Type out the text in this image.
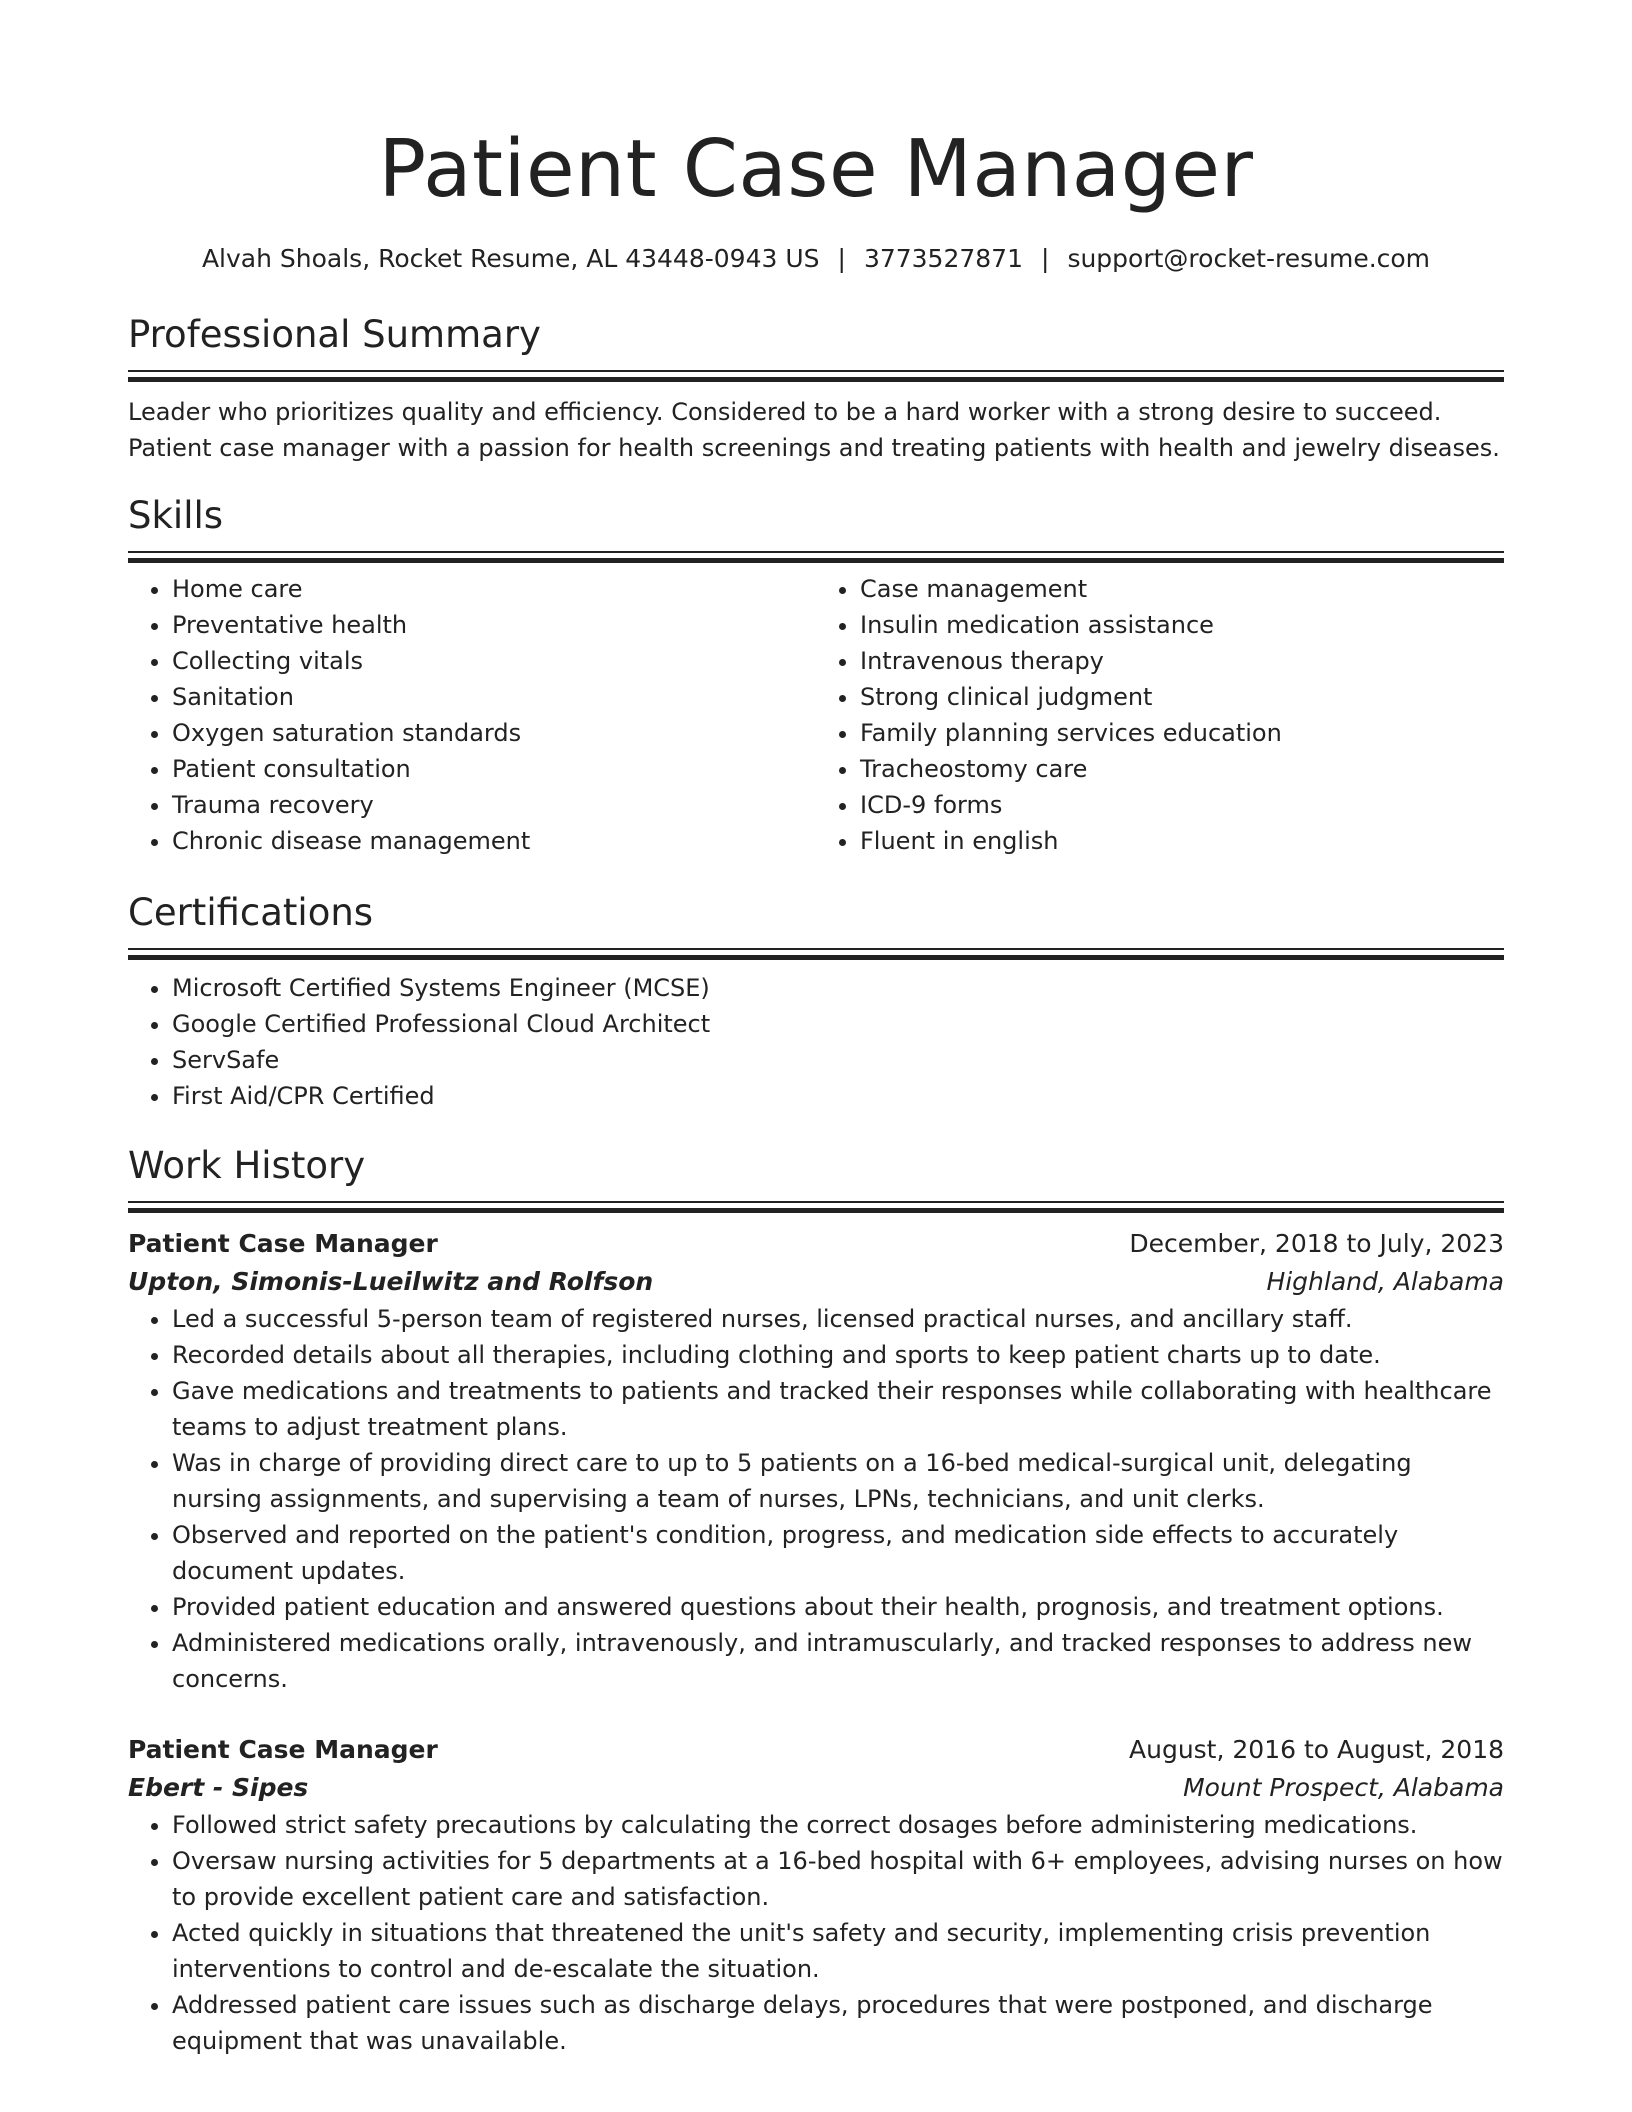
Patient Case Manager
Alvah Shoals, Rocket Resume, AL 43448-0943 US | 3773527871 | support@rocket-resume.com
Professional Summary

Leader who prioritizes quality and efficiency. Considered to be a hard worker with a strong desire to succeed. Patient case manager with a passion for health screenings and treating patients with health and jewelry diseases.

Skills
• Home care
• Preventative health
• Collecting vitals
• Sanitation
• Oxygen saturation standards
• Patient consultation
• Trauma recovery
• Chronic disease management
• Case management
• Insulin medication assistance
• Intravenous therapy
• Strong clinical judgment
• Family planning services education
• Tracheostomy care
• ICD-9 forms
• Fluent in english
Certifications
• Microsoft Certified Systems Engineer (MCSE)
• Google Certified Professional Cloud Architect
• ServSafe
• First Aid/CPR Certified
Work History
Patient Case Manager	December, 2018 to July, 2023
Upton, Simonis-Lueilwitz and Rolfson	Highland, Alabama
• Led a successful 5-person team of registered nurses, licensed practical nurses, and ancillary staff.
• Recorded details about all therapies, including clothing and sports to keep patient charts up to date.
• Gave medications and treatments to patients and tracked their responses while collaborating with healthcare teams to adjust treatment plans.
• Was in charge of providing direct care to up to 5 patients on a 16-bed medical-surgical unit, delegating nursing assignments, and supervising a team of nurses, LPNs, technicians, and unit clerks.
• Observed and reported on the patient's condition, progress, and medication side effects to accurately document updates.
• Provided patient education and answered questions about their health, prognosis, and treatment options.
• Administered medications orally, intravenously, and intramuscularly, and tracked responses to address new concerns.
Patient Case Manager	August, 2016 to August, 2018
Ebert - Sipes	Mount Prospect, Alabama
• Followed strict safety precautions by calculating the correct dosages before administering medications.
• Oversaw nursing activities for 5 departments at a 16-bed hospital with 6+ employees, advising nurses on how to provide excellent patient care and satisfaction.
• Acted quickly in situations that threatened the unit's safety and security, implementing crisis prevention interventions to control and de-escalate the situation.
• Addressed patient care issues such as discharge delays, procedures that were postponed, and discharge equipment that was unavailable.
